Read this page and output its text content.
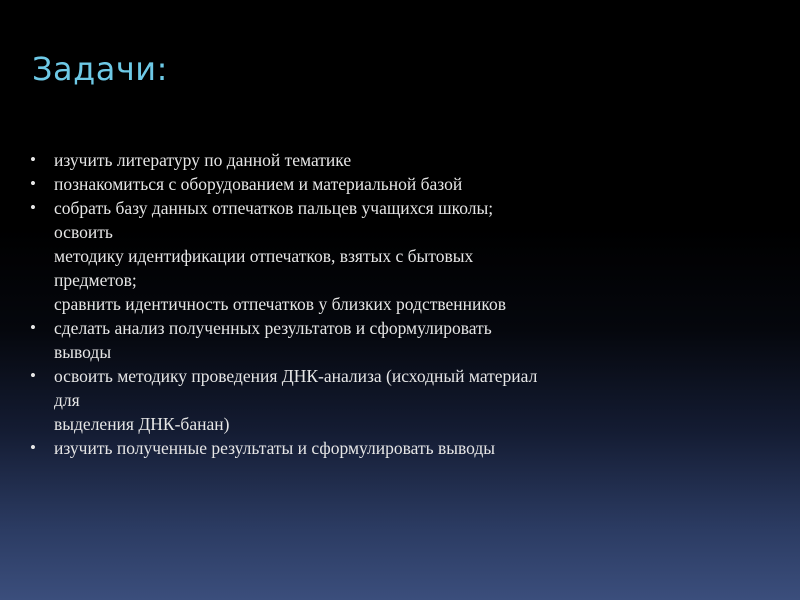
Задачи:
• изучить литературу по данной тематике
• познакомиться с оборудованием и материальной базой
• собрать базу данных отпечатков пальцев учащихся школы;
освоить
методику идентификации отпечатков, взятых с бытовых
предметов;
сравнить идентичность отпечатков у близких родственников
• сделать анализ полученных результатов и сформулировать
выводы
• освоить методику проведения ДНК-анализа (исходный материал
для
выделения ДНК-банан)
• изучить полученные результаты и сформулировать выводы
